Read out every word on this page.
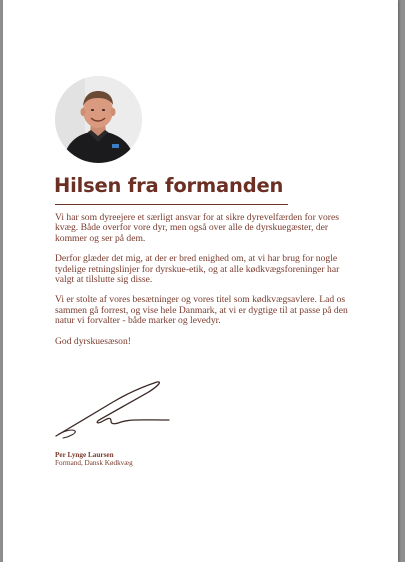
Hilsen fra formanden

Vi har som dyreejere et særligt ansvar for at sikre dyrevelfærden for vores kvæg. Både overfor vore dyr, men også over alle de dyrskuegæster, der kommer og ser på dem.

Derfor glæder det mig, at der er bred enighed om, at vi har brug for nogle tydelige retningslinjer for dyrskue-etik, og at alle kødkvægsforeninger har valgt at tilslutte sig disse.

Vi er stolte af vores besætninger og vores titel som kødkvægsavlere. Lad os sammen gå forrest, og vise hele Danmark, at vi er dygtige til at passe på den natur vi forvalter - både marker og levedyr.

God dyrskuesæson!

Per Lynge Laursen
Formand, Dansk Kødkvæg
